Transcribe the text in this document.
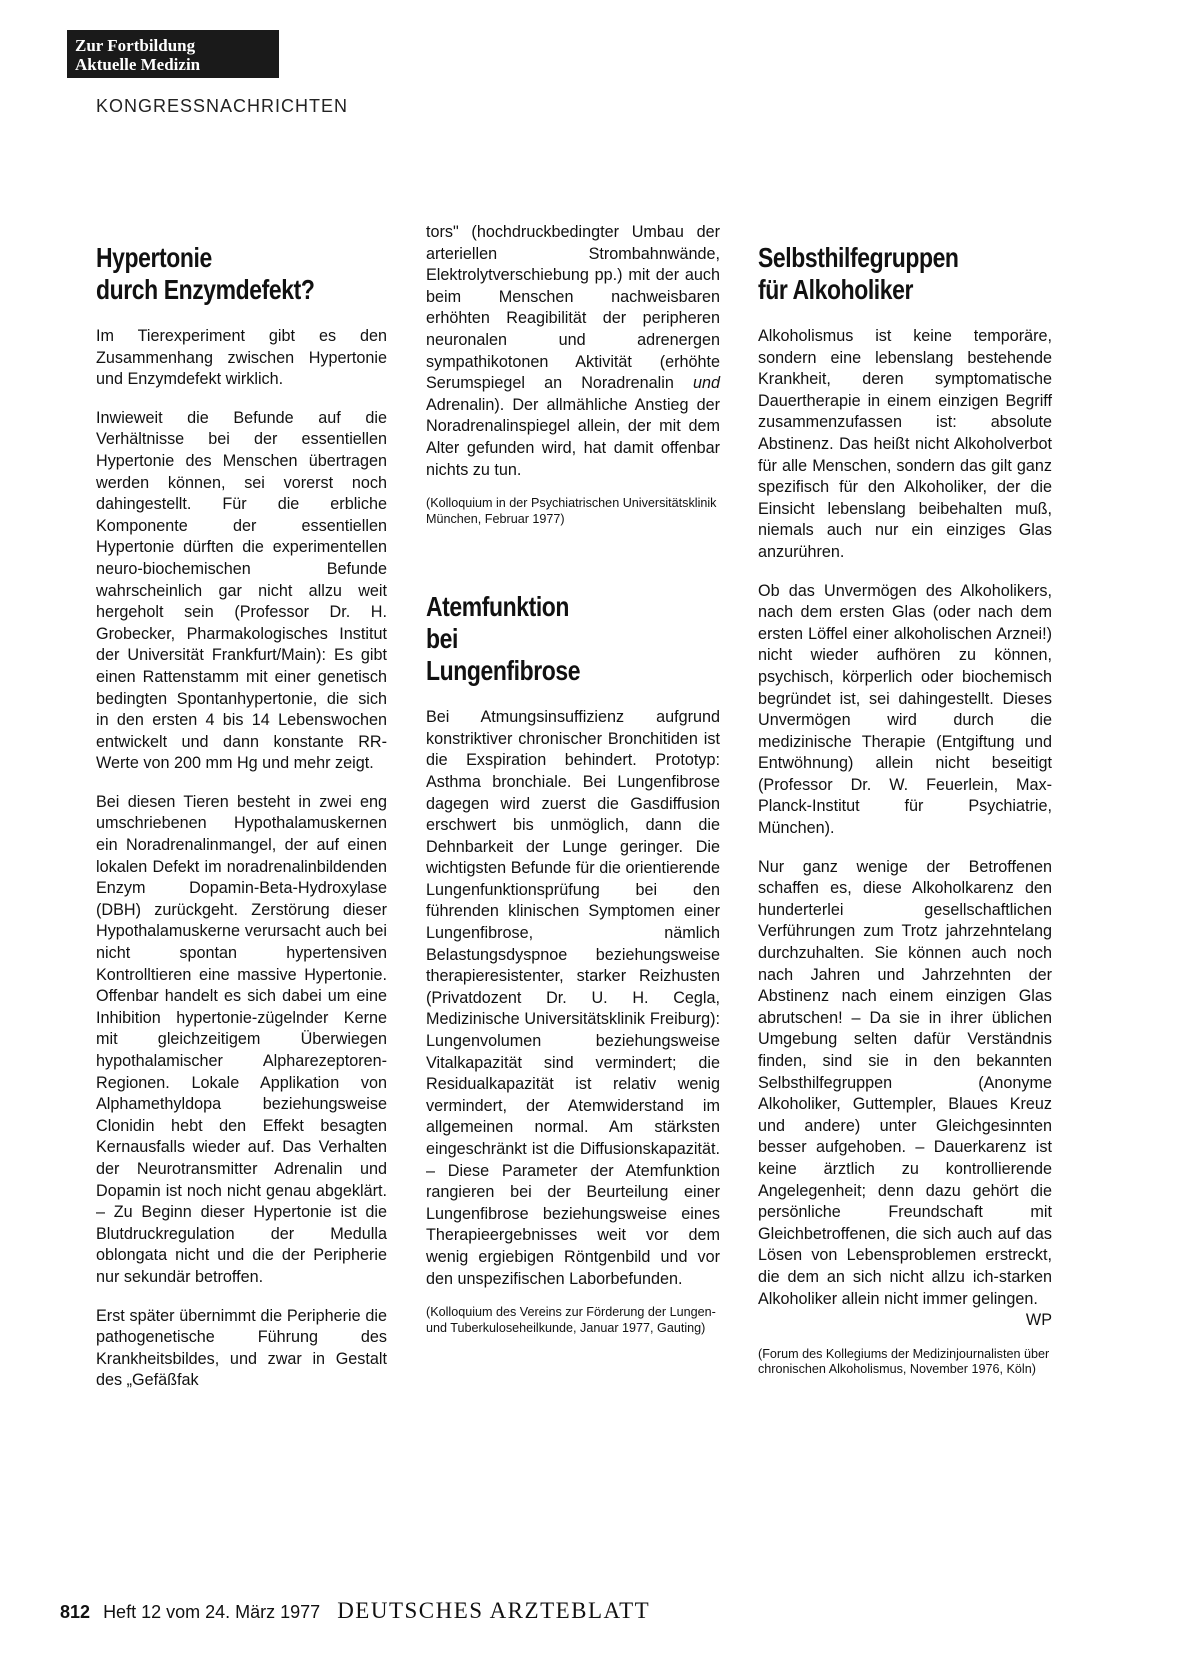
Zur Fortbildung
Aktuelle Medizin
KONGRESSNACHRICHTEN
Hypertonie
durch Enzymdefekt?

Im Tierexperiment gibt es den Zusammenhang zwischen Hypertonie und Enzymdefekt wirklich.

Inwieweit die Befunde auf die Verhältnisse bei der essentiellen Hypertonie des Menschen übertragen werden können, sei vorerst noch dahingestellt. Für die erbliche Komponente der essentiellen Hypertonie dürften die experimentellen neuro-biochemischen Befunde wahrscheinlich gar nicht allzu weit hergeholt sein (Professor Dr. H. Grobecker, Pharmakologisches Institut der Universität Frankfurt/Main): Es gibt einen Rattenstamm mit einer genetisch bedingten Spontanhypertonie, die sich in den ersten 4 bis 14 Lebenswochen entwickelt und dann konstante RR-Werte von 200 mm Hg und mehr zeigt.

Bei diesen Tieren besteht in zwei eng umschriebenen Hypothalamuskernen ein Noradrenalinmangel, der auf einen lokalen Defekt im noradrenalinbildenden Enzym Dopamin-Beta-Hydroxylase (DBH) zurückgeht. Zerstörung dieser Hypothalamuskerne verursacht auch bei nicht spontan hypertensiven Kontrolltieren eine massive Hypertonie. Offenbar handelt es sich dabei um eine Inhibition hypertonie-zügelnder Kerne mit gleichzeitigem Überwiegen hypothalamischer Alpharezeptoren-Regionen. Lokale Applikation von Alphamethyldopa beziehungsweise Clonidin hebt den Effekt besagten Kernausfalls wieder auf. Das Verhalten der Neurotransmitter Adrenalin und Dopamin ist noch nicht genau abgeklärt. – Zu Beginn dieser Hypertonie ist die Blutdruckregulation der Medulla oblongata nicht und die der Peripherie nur sekundär betroffen.

Erst später übernimmt die Peripherie die pathogenetische Führung des Krankheitsbildes, und zwar in Gestalt des „Gefäßfak

tors" (hochdruckbedingter Umbau der arteriellen Strombahnwände, Elektrolytverschiebung pp.) mit der auch beim Menschen nachweisbaren erhöhten Reagibilität der peripheren neuronalen und adrenergen sympathikotonen Aktivität (erhöhte Serumspiegel an Noradrenalin und Adrenalin). Der allmähliche Anstieg der Noradrenalinspiegel allein, der mit dem Alter gefunden wird, hat damit offenbar nichts zu tun.

(Kolloquium in der Psychiatrischen Universitätsklinik München, Februar 1977)
Atemfunktion
bei
Lungenfibrose

Bei Atmungsinsuffizienz aufgrund konstriktiver chronischer Bronchitiden ist die Exspiration behindert. Prototyp: Asthma bronchiale. Bei Lungenfibrose dagegen wird zuerst die Gasdiffusion erschwert bis unmöglich, dann die Dehnbarkeit der Lunge geringer. Die wichtigsten Befunde für die orientierende Lungenfunktionsprüfung bei den führenden klinischen Symptomen einer Lungenfibrose, nämlich Belastungsdyspnoe beziehungsweise therapieresistenter, starker Reizhusten (Privatdozent Dr. U. H. Cegla, Medizinische Universitätsklinik Freiburg): Lungenvolumen beziehungsweise Vitalkapazität sind vermindert; die Residualkapazität ist relativ wenig vermindert, der Atemwiderstand im allgemeinen normal. Am stärksten eingeschränkt ist die Diffusionskapazität. – Diese Parameter der Atemfunktion rangieren bei der Beurteilung einer Lungenfibrose beziehungsweise eines Therapieergebnisses weit vor dem wenig ergiebigen Röntgenbild und vor den unspezifischen Laborbefunden.

(Kolloquium des Vereins zur Förderung der Lungen- und Tuberkuloseheilkunde, Januar 1977, Gauting)
Selbsthilfegruppen
für Alkoholiker

Alkoholismus ist keine temporäre, sondern eine lebenslang bestehende Krankheit, deren symptomatische Dauertherapie in einem einzigen Begriff zusammenzufassen ist: absolute Abstinenz. Das heißt nicht Alkoholverbot für alle Menschen, sondern das gilt ganz spezifisch für den Alkoholiker, der die Einsicht lebenslang beibehalten muß, niemals auch nur ein einziges Glas anzurühren.

Ob das Unvermögen des Alkoholikers, nach dem ersten Glas (oder nach dem ersten Löffel einer alkoholischen Arznei!) nicht wieder aufhören zu können, psychisch, körperlich oder biochemisch begründet ist, sei dahingestellt. Dieses Unvermögen wird durch die medizinische Therapie (Entgiftung und Entwöhnung) allein nicht beseitigt (Professor Dr. W. Feuerlein, Max-Planck-Institut für Psychiatrie, München).

Nur ganz wenige der Betroffenen schaffen es, diese Alkoholkarenz den hunderterlei gesellschaftlichen Verführungen zum Trotz jahrzehntelang durchzuhalten. Sie können auch noch nach Jahren und Jahrzehnten der Abstinenz nach einem einzigen Glas abrutschen! – Da sie in ihrer üblichen Umgebung selten dafür Verständnis finden, sind sie in den bekannten Selbsthilfegruppen (Anonyme Alkoholiker, Guttempler, Blaues Kreuz und andere) unter Gleichgesinnten besser aufgehoben. – Dauerkarenz ist keine ärztlich zu kontrollierende Angelegenheit; denn dazu gehört die persönliche Freundschaft mit Gleichbetroffenen, die sich auch auf das Lösen von Lebensproblemen erstreckt, die dem an sich nicht allzu ich-starken Alkoholiker allein nicht immer gelingen.
WP

(Forum des Kollegiums der Medizinjournalisten über chronischen Alkoholismus, November 1976, Köln)
812 Heft 12 vom 24. März 1977 DEUTSCHES ARZTEBLATT
